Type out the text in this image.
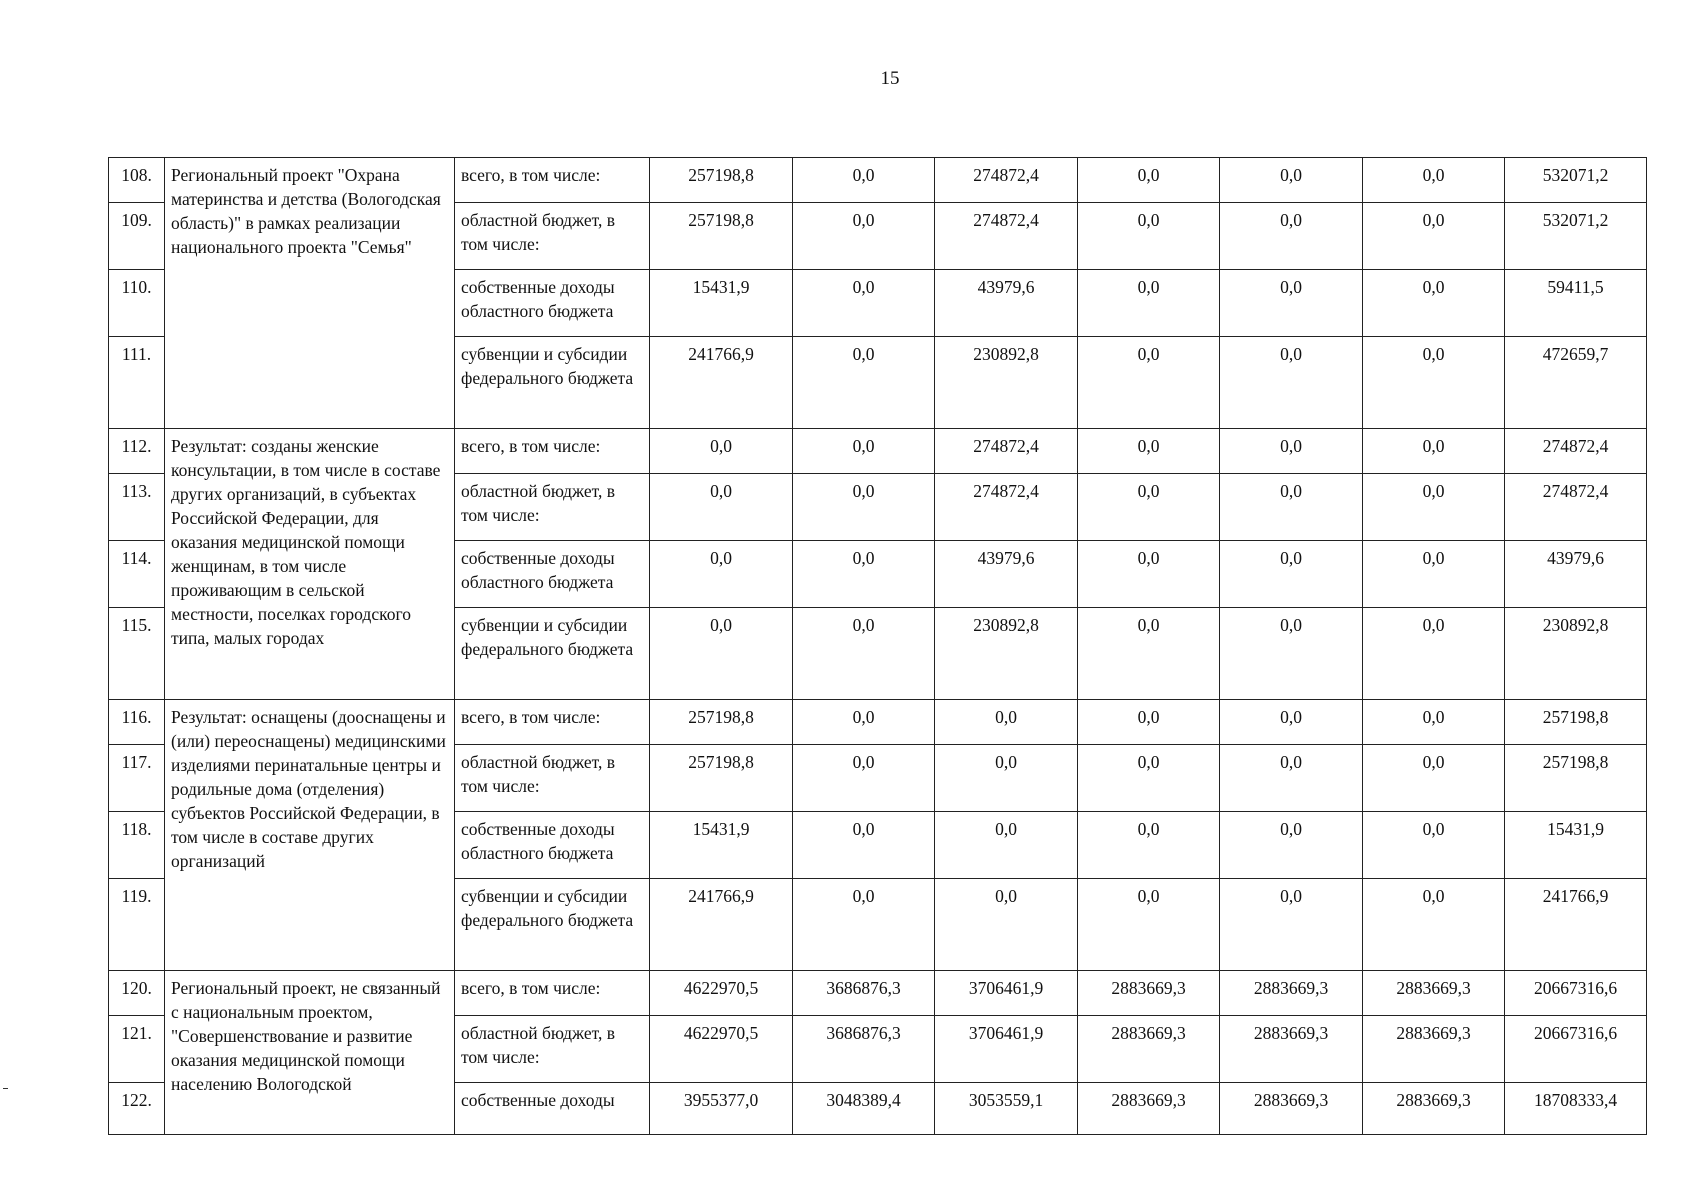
15
108.	Региональный проект "Охрана материнства и детства (Вологодская область)" в рамках реализации национального проекта "Семья"	всего, в том числе:	257198,8	0,0	274872,4	0,0	0,0	0,0	532071,2
109.		областной бюджет, в том числе:	257198,8	0,0	274872,4	0,0	0,0	0,0	532071,2
110.		собственные доходы областного бюджета	15431,9	0,0	43979,6	0,0	0,0	0,0	59411,5
111.		субвенции и субсидии федерального бюджета	241766,9	0,0	230892,8	0,0	0,0	0,0	472659,7
112.	Результат: созданы женские консультации, в том числе в составе других организаций, в субъектах Российской Федерации, для оказания медицинской помощи женщинам, в том числе проживающим в сельской местности, поселках городского типа, малых городах	всего, в том числе:	0,0	0,0	274872,4	0,0	0,0	0,0	274872,4
113.		областной бюджет, в том числе:	0,0	0,0	274872,4	0,0	0,0	0,0	274872,4
114.		собственные доходы областного бюджета	0,0	0,0	43979,6	0,0	0,0	0,0	43979,6
115.		субвенции и субсидии федерального бюджета	0,0	0,0	230892,8	0,0	0,0	0,0	230892,8
116.	Результат: оснащены (дооснащены и (или) переоснащены) медицинскими изделиями перинатальные центры и родильные дома (отделения) субъектов Российской Федерации, в том числе в составе других организаций	всего, в том числе:	257198,8	0,0	0,0	0,0	0,0	0,0	257198,8
117.		областной бюджет, в том числе:	257198,8	0,0	0,0	0,0	0,0	0,0	257198,8
118.		собственные доходы областного бюджета	15431,9	0,0	0,0	0,0	0,0	0,0	15431,9
119.		субвенции и субсидии федерального бюджета	241766,9	0,0	0,0	0,0	0,0	0,0	241766,9
120.	Региональный проект, не связанный с национальным проектом, "Совершенствование и развитие оказания медицинской помощи населению Вологодской	всего, в том числе:	4622970,5	3686876,3	3706461,9	2883669,3	2883669,3	2883669,3	20667316,6
121.		областной бюджет, в том числе:	4622970,5	3686876,3	3706461,9	2883669,3	2883669,3	2883669,3	20667316,6
122.		собственные доходы	3955377,0	3048389,4	3053559,1	2883669,3	2883669,3	2883669,3	18708333,4
